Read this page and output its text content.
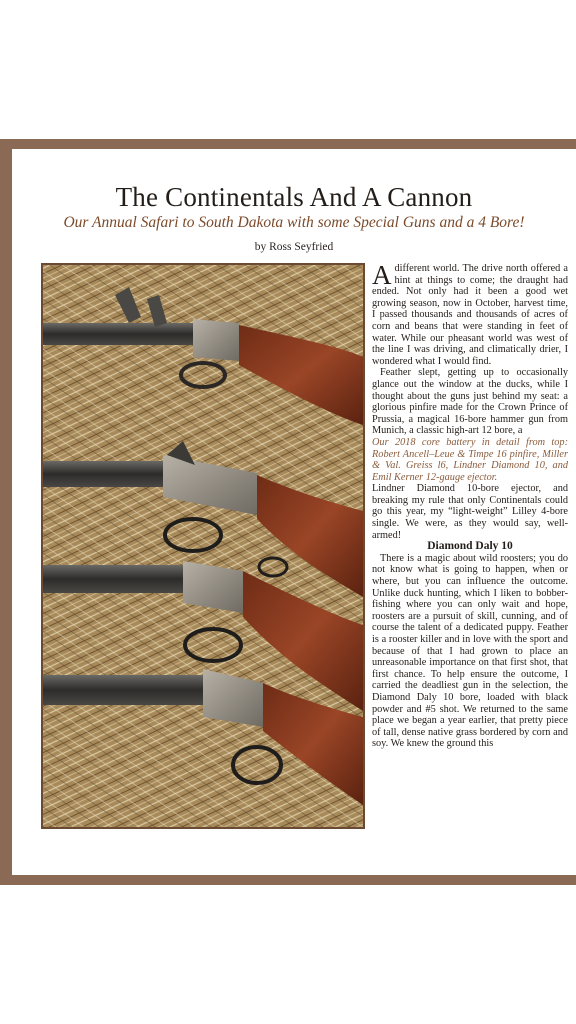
The Continentals And A Cannon
Our Annual Safari to South Dakota with some Special Guns and a 4 Bore!
by Ross Seyfried

Adifferent world. The drive north offered a hint at things to come; the draught had ended. Not only had it been a good wet growing season, now in October, harvest time, I passed thousands and thousands of acres of corn and beans that were standing in feet of water. While our pheasant world was west of the line I was driving, and climatically drier, I wondered what I would find.

Feather slept, getting up to occasionally glance out the window at the ducks, while I thought about the guns just behind my seat: a glorious pinfire made for the Crown Prince of Prussia, a magical 16-bore hammer gun from Munich, a classic high-art 12 bore, a

Our 2018 core battery in detail from top: Robert Ancell–Leue & Timpe 16 pinfire, Miller & Val. Greiss l6, Lindner Diamond 10, and Emil Kerner 12-gauge ejector.

Lindner Diamond 10-bore ejector, and breaking my rule that only Continentals could go this year, my “light-weight” Lilley 4-bore single. We were, as they would say, well-armed!

Diamond Daly 10

There is a magic about wild roosters; you do not know what is going to happen, when or where, but you can influence the outcome. Unlike duck hunting, which I liken to bobber-fishing where you can only wait and hope, roosters are a pursuit of skill, cunning, and of course the talent of a dedicated puppy. Feather is a rooster killer and in love with the sport and because of that I had grown to place an unreasonable importance on that first shot, that first chance. To help ensure the outcome, I carried the deadliest gun in the selection, the Diamond Daly 10 bore, loaded with black powder and #5 shot. We returned to the same place we began a year earlier, that pretty piece of tall, dense native grass bordered by corn and soy. We knew the ground this
